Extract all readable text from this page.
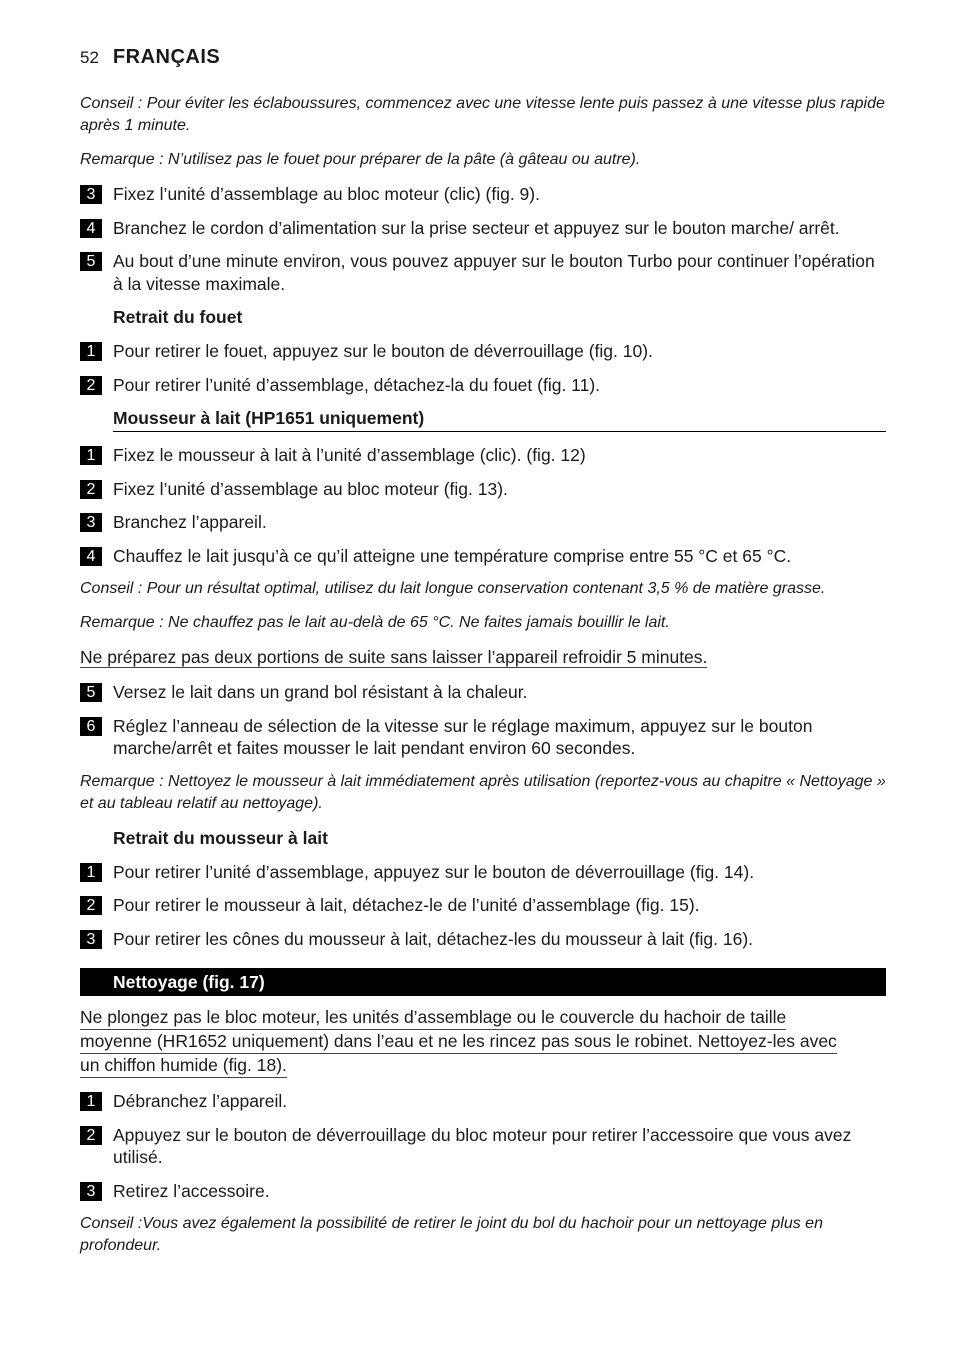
52 FRANÇAIS

Conseil : Pour éviter les éclaboussures, commencez avec une vitesse lente puis passez à une vitesse plus rapide après 1 minute.

Remarque : N’utilisez pas le fouet pour préparer de la pâte (à gâteau ou autre).

3	Fixez l’unité d’assemblage au bloc moteur (clic) (fig. 9).
4	Branchez le cordon d’alimentation sur la prise secteur et appuyez sur le bouton marche/ arrêt.
5	Au bout d’une minute environ, vous pouvez appuyer sur le bouton Turbo pour continuer l’opération à la vitesse maximale.
Retrait du fouet
1	Pour retirer le fouet, appuyez sur le bouton de déverrouillage (fig. 10).
2	Pour retirer l’unité d’assemblage, détachez-la du fouet (fig. 11).
Mousseur à lait (HP1651 uniquement)
1	Fixez le mousseur à lait à l’unité d’assemblage (clic). (fig. 12)
2	Fixez l’unité d’assemblage au bloc moteur (fig. 13).
3	Branchez l’appareil.
4	Chauffez le lait jusqu’à ce qu’il atteigne une température comprise entre 55 °C et 65 °C.

Conseil : Pour un résultat optimal, utilisez du lait longue conservation contenant 3,5 % de matière grasse.

Remarque : Ne chauffez pas le lait au-delà de 65 °C. Ne faites jamais bouillir le lait.

Ne préparez pas deux portions de suite sans laisser l’appareil refroidir 5 minutes.

5	Versez le lait dans un grand bol résistant à la chaleur.
6	Réglez l’anneau de sélection de la vitesse sur le réglage maximum, appuyez sur le bouton marche/arrêt et faites mousser le lait pendant environ 60 secondes.

Remarque : Nettoyez le mousseur à lait immédiatement après utilisation (reportez-vous au chapitre « Nettoyage » et au tableau relatif au nettoyage).

Retrait du mousseur à lait
1	Pour retirer l’unité d’assemblage, appuyez sur le bouton de déverrouillage (fig. 14).
2	Pour retirer le mousseur à lait, détachez-le de l’unité d’assemblage (fig. 15).
3	Pour retirer les cônes du mousseur à lait, détachez-les du mousseur à lait (fig. 16).
Nettoyage (fig. 17)
Ne plongez pas le bloc moteur, les unités d’assemblage ou le couvercle du hachoir de taille
moyenne (HR1652 uniquement) dans l’eau et ne les rincez pas sous le robinet. Nettoyez-les avec
un chiffon humide (fig. 18).
1	Débranchez l’appareil.
2	Appuyez sur le bouton de déverrouillage du bloc moteur pour retirer l’accessoire que vous avez utilisé.
3	Retirez l’accessoire.

Conseil :Vous avez également la possibilité de retirer le joint du bol du hachoir pour un nettoyage plus en profondeur.
